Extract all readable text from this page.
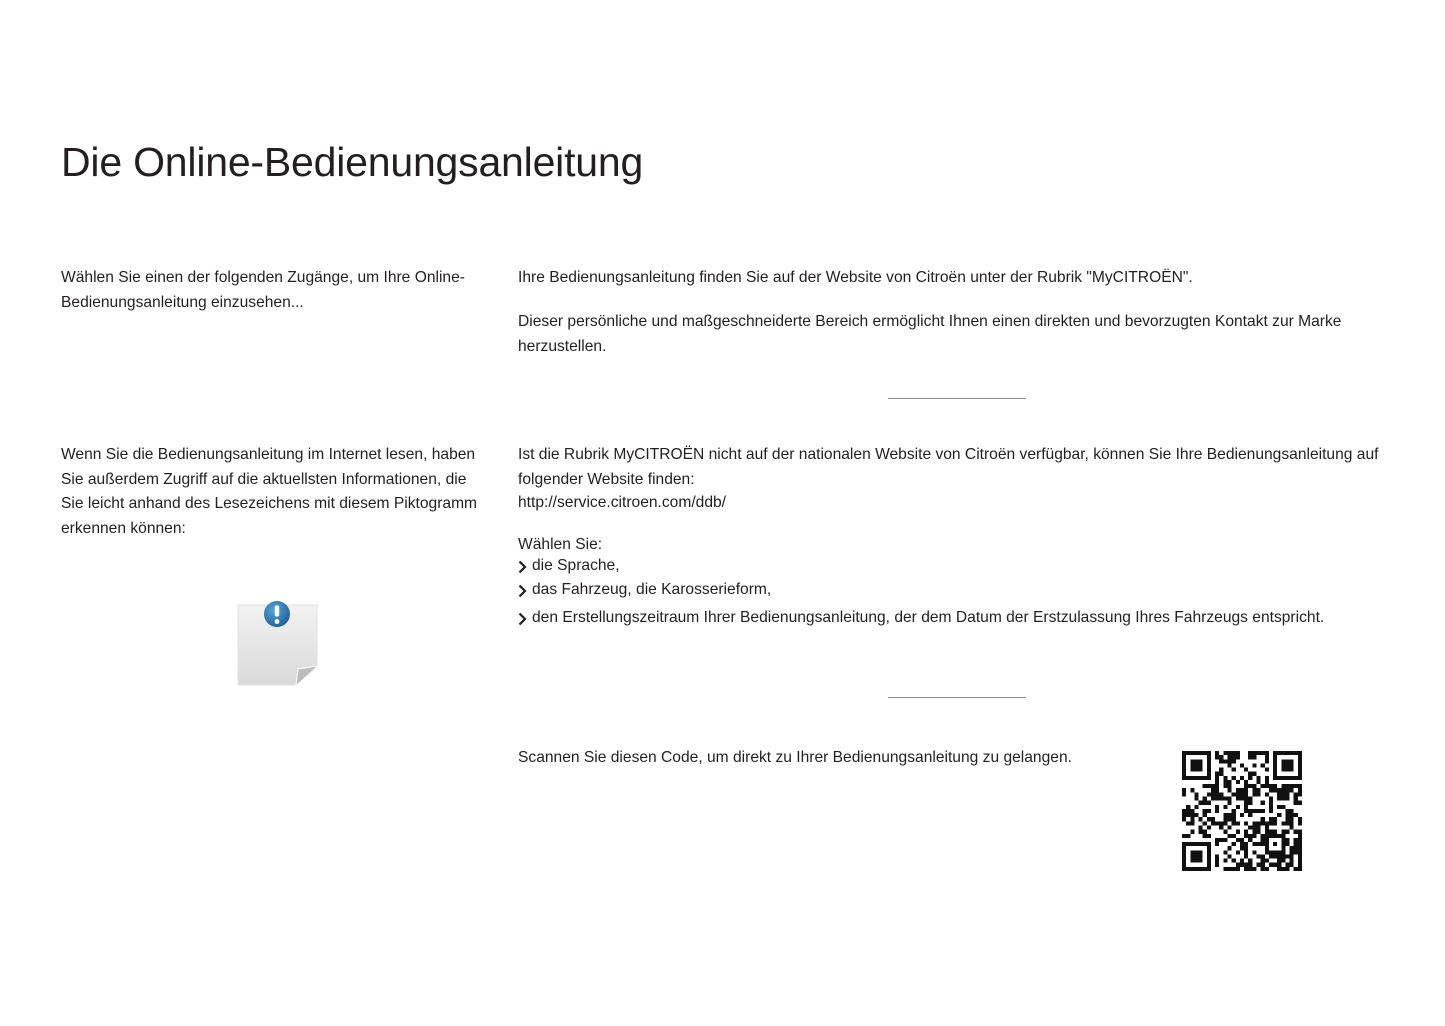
Die Online-Bedienungsanleitung

Wählen Sie einen der folgenden Zugänge, um Ihre Online-Bedienungsanleitung einzusehen...

Wenn Sie die Bedienungsanleitung im Internet lesen, haben Sie außerdem Zugriff auf die aktuellsten Informationen, die Sie leicht anhand des Lesezeichens mit diesem Piktogramm erkennen können:

Ihre Bedienungsanleitung finden Sie auf der Website von Citroën unter der Rubrik "MyCITROËN".

Dieser persönliche und maßgeschneiderte Bereich ermöglicht Ihnen einen direkten und bevorzugten Kontakt zur Marke herzustellen.

Ist die Rubrik MyCITROËN nicht auf der nationalen Website von Citroën verfügbar, können Sie Ihre Bedienungsanleitung auf folgender Website finden:

http://service.citroen.com/ddb/

Wählen Sie:

die Sprache,
das Fahrzeug, die Karosserieform,
den Erstellungszeitraum Ihrer Bedienungsanleitung, der dem Datum der Erstzulassung Ihres Fahrzeugs entspricht.

Scannen Sie diesen Code, um direkt zu Ihrer Bedienungsanleitung zu gelangen.
